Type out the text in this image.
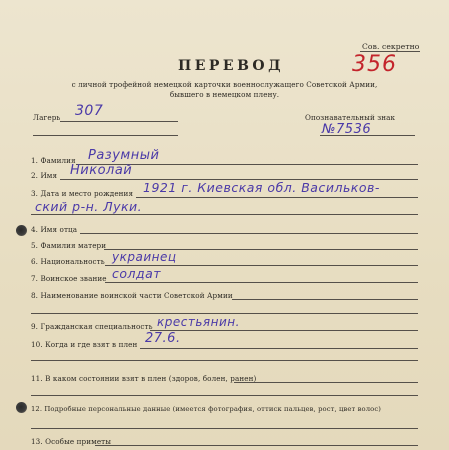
Сов. секретно
356
ПЕРЕВОД
с личной трофейной немецкой карточки военнослужащего Советской Армии,
бывшего в немецком плену.
Лагерь 307	Опознавательный знак
№7536
1. Фамилия Разумный
2. Имя Николай
3. Дата и место рождения 1921 г. Киевская обл. Васильков-
ский р-н. Луки.
4. Имя отца
5. Фамилия матери
6. Национальность украинец
7. Воинское звание солдат
8. Наименование воинской части Советской Армии
9. Гражданская специальность крестьянин.
10. Когда и где взят в плен 27.6.
11. В каком состоянии взят в плен (здоров, болен, ранен)
12. Подробные персональные данные (имеется фотография, оттиск пальцев, рост, цвет волос)
13. Особые приметы
